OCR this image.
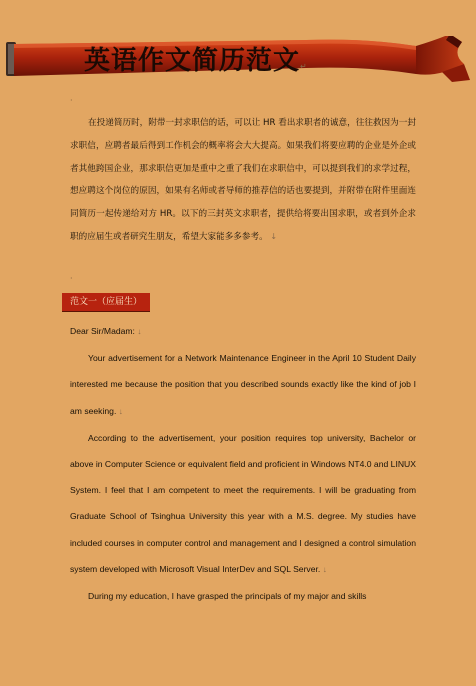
英语作文简历范文↵
·

在投递简历时，附带一封求职信的话，可以让 HR 看出求职者的诚意，往往救因为一封求职信，应聘者最后得到工作机会的概率将会大大提高。如果我们将要应聘的企业是外企或者其他跨国企业，那求职信更加是重中之重了我们在求职信中，可以提到我们的求学过程，想应聘这个岗位的原因，如果有名师或者导师的推荐信的话也要提到，并附带在附件里面连同简历一起传递给对方 HR。以下的三封英文求职者，提供给将要出国求职，或者到外企求职的应届生或者研究生朋友，希望大家能多多参考。 ↓

·
范文一（应届生）

Dear Sir/Madam: ↓

Your advertisement for a Network Maintenance Engineer in the April 10 Student Daily interested me because the position that you described sounds exactly like the kind of job I am seeking. ↓

According to the advertisement, your position requires top university, Bachelor or above in Computer Science or equivalent field and proficient in Windows NT4.0 and LINUX System. I feel that I am competent to meet the requirements. I will be graduating from Graduate School of Tsinghua University this year with a M.S. degree. My studies have included courses in computer control and management and I designed a control simulation system developed with Microsoft Visual InterDev and SQL Server. ↓

During my education, I have grasped the principals of my major and skills
